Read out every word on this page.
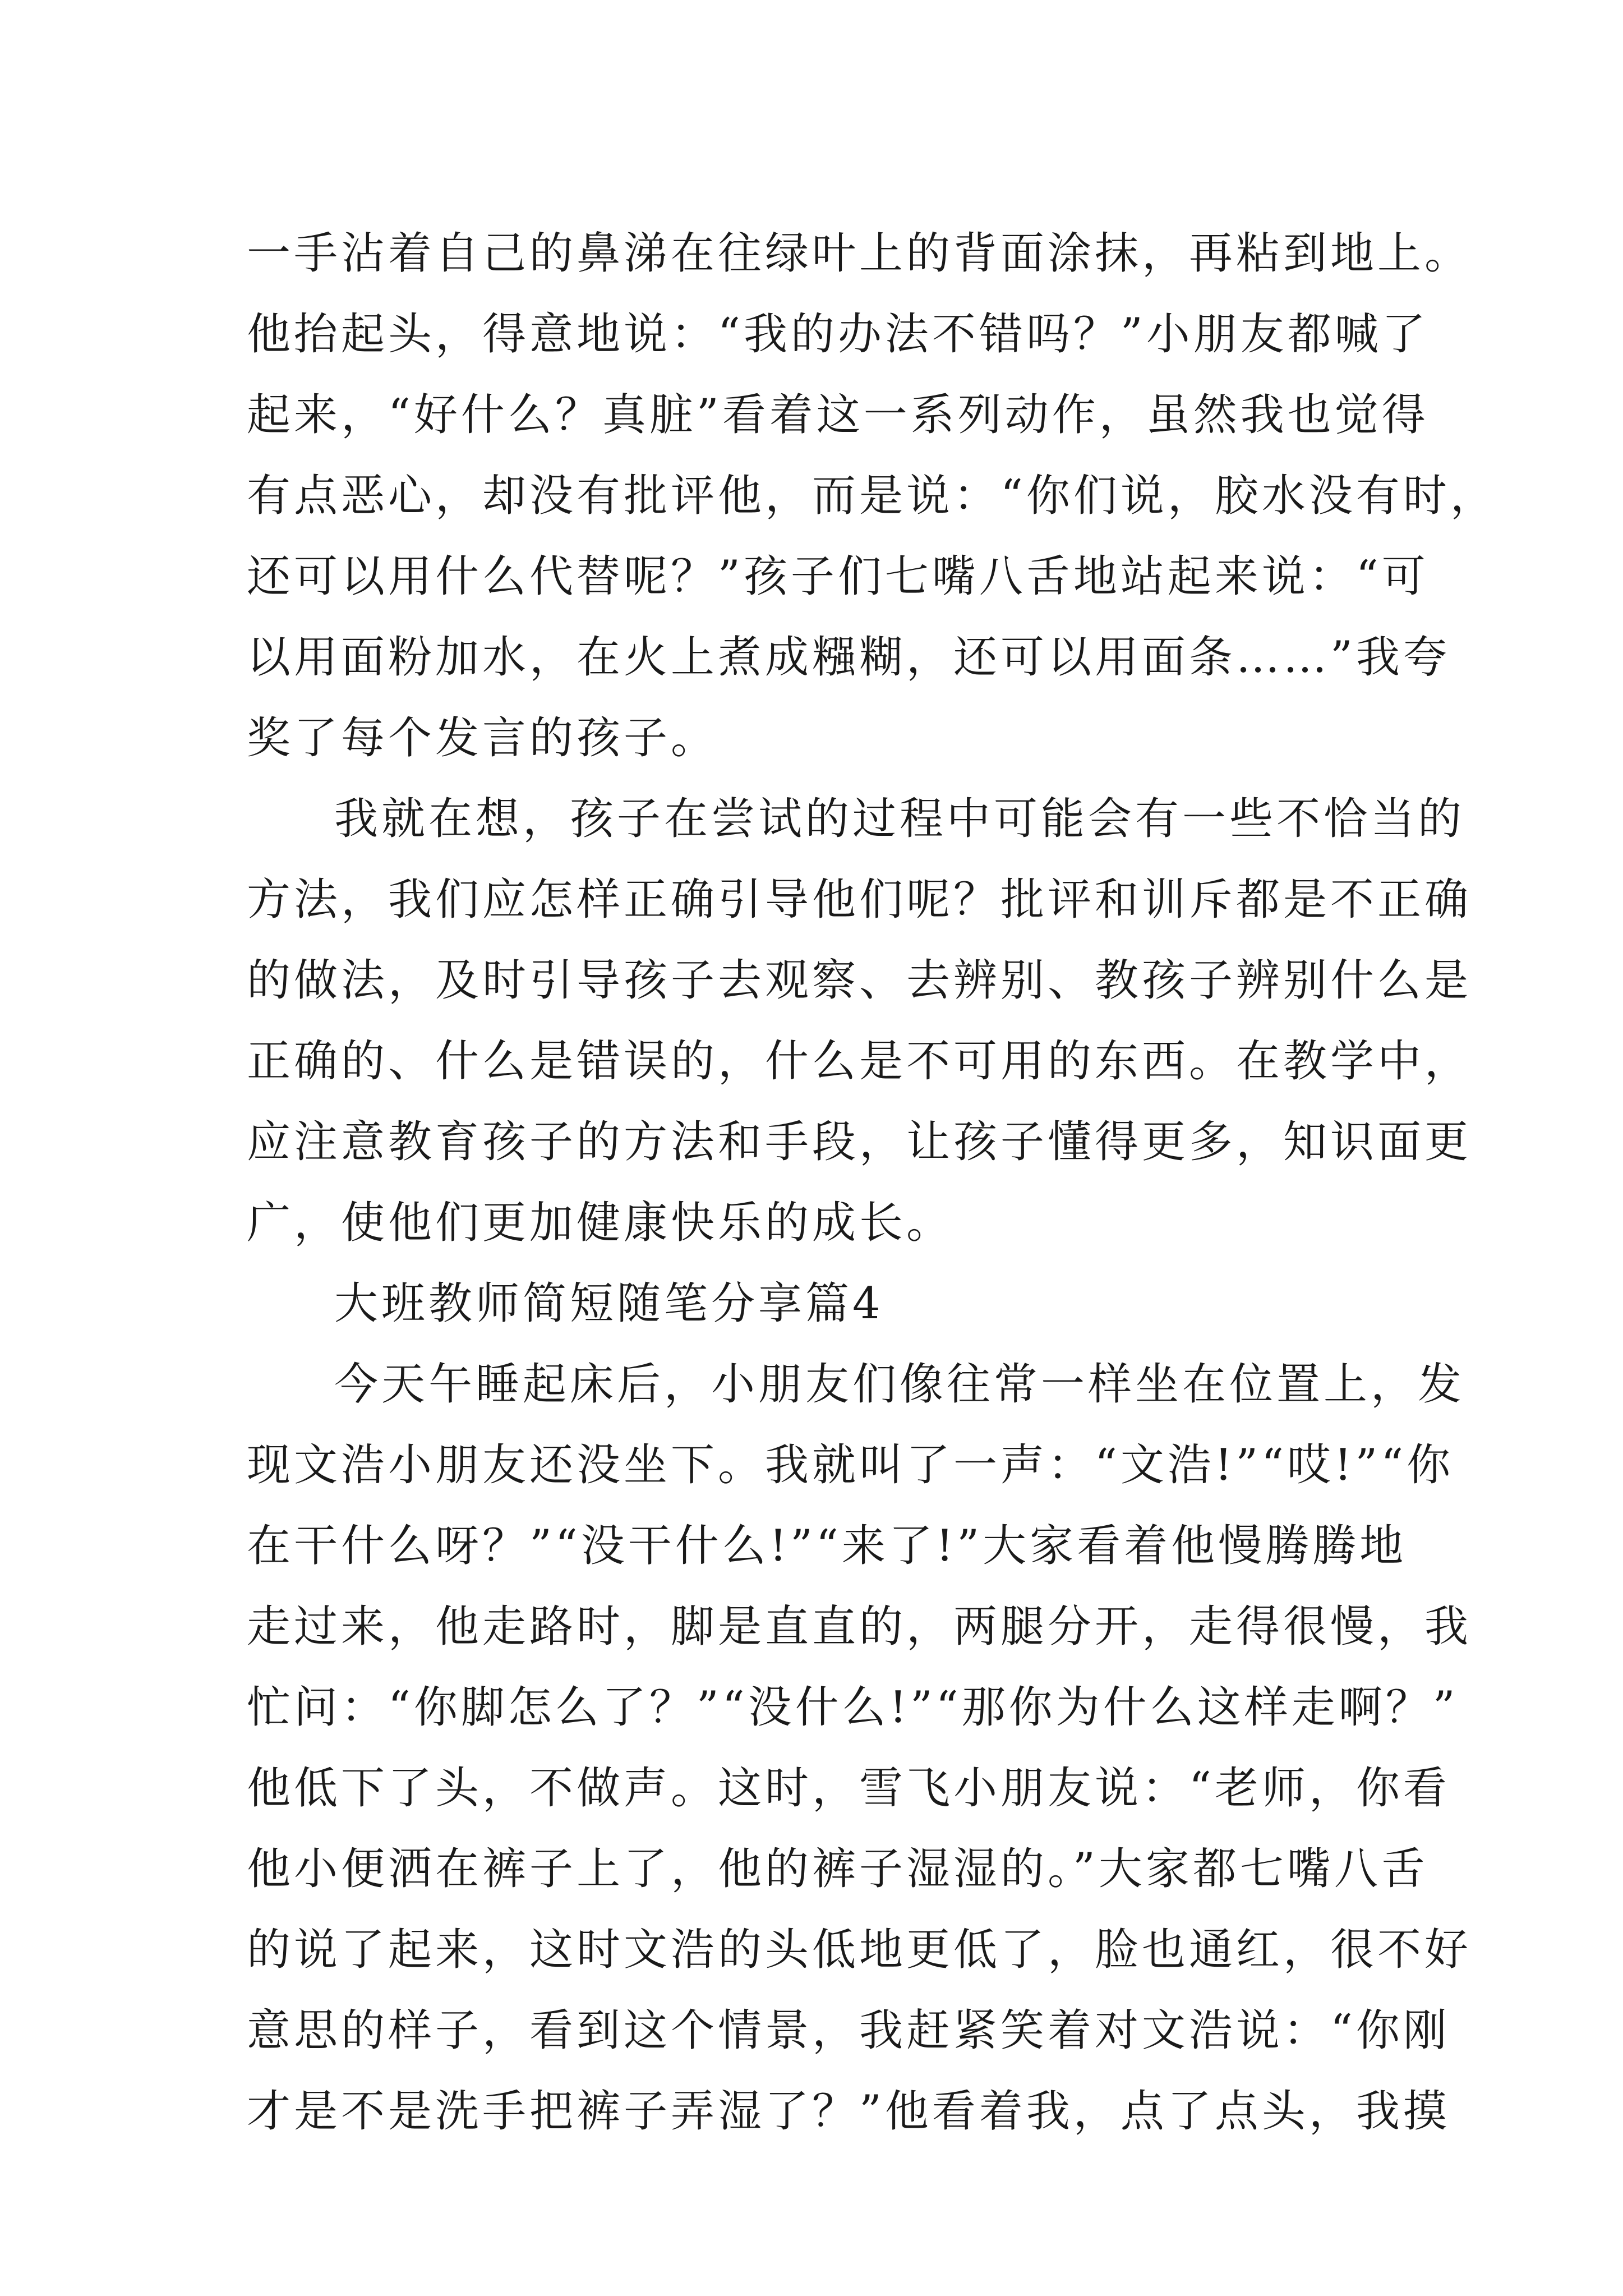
一手沾着自己的鼻涕在往绿叶上的背面涂抹，再粘到地上。
他抬起头，得意地说：“我的办法不错吗？”小朋友都喊了
起来，“好什么？真脏”看着这一系列动作，虽然我也觉得
有点恶心，却没有批评他，而是说：“你们说，胶水没有时，
还可以用什么代替呢？”孩子们七嘴八舌地站起来说：“可
以用面粉加水，在火上煮成糨糊，还可以用面条……”我夸
奖了每个发言的孩子。
我就在想，孩子在尝试的过程中可能会有一些不恰当的
方法，我们应怎样正确引导他们呢？批评和训斥都是不正确
的做法，及时引导孩子去观察、去辨别、教孩子辨别什么是
正确的、什么是错误的，什么是不可用的东西。在教学中，
应注意教育孩子的方法和手段，让孩子懂得更多，知识面更
广，使他们更加健康快乐的成长。
大班教师简短随笔分享篇4
今天午睡起床后，小朋友们像往常一样坐在位置上，发
现文浩小朋友还没坐下。我就叫了一声：“文浩!”“哎!”“你
在干什么呀？”“没干什么!”“来了!”大家看着他慢腾腾地
走过来，他走路时，脚是直直的，两腿分开，走得很慢，我
忙问：“你脚怎么了？”“没什么!”“那你为什么这样走啊？”
他低下了头，不做声。这时，雪飞小朋友说：“老师，你看
他小便洒在裤子上了，他的裤子湿湿的。”大家都七嘴八舌
的说了起来，这时文浩的头低地更低了，脸也通红，很不好
意思的样子，看到这个情景，我赶紧笑着对文浩说：“你刚
才是不是洗手把裤子弄湿了？”他看着我，点了点头，我摸
